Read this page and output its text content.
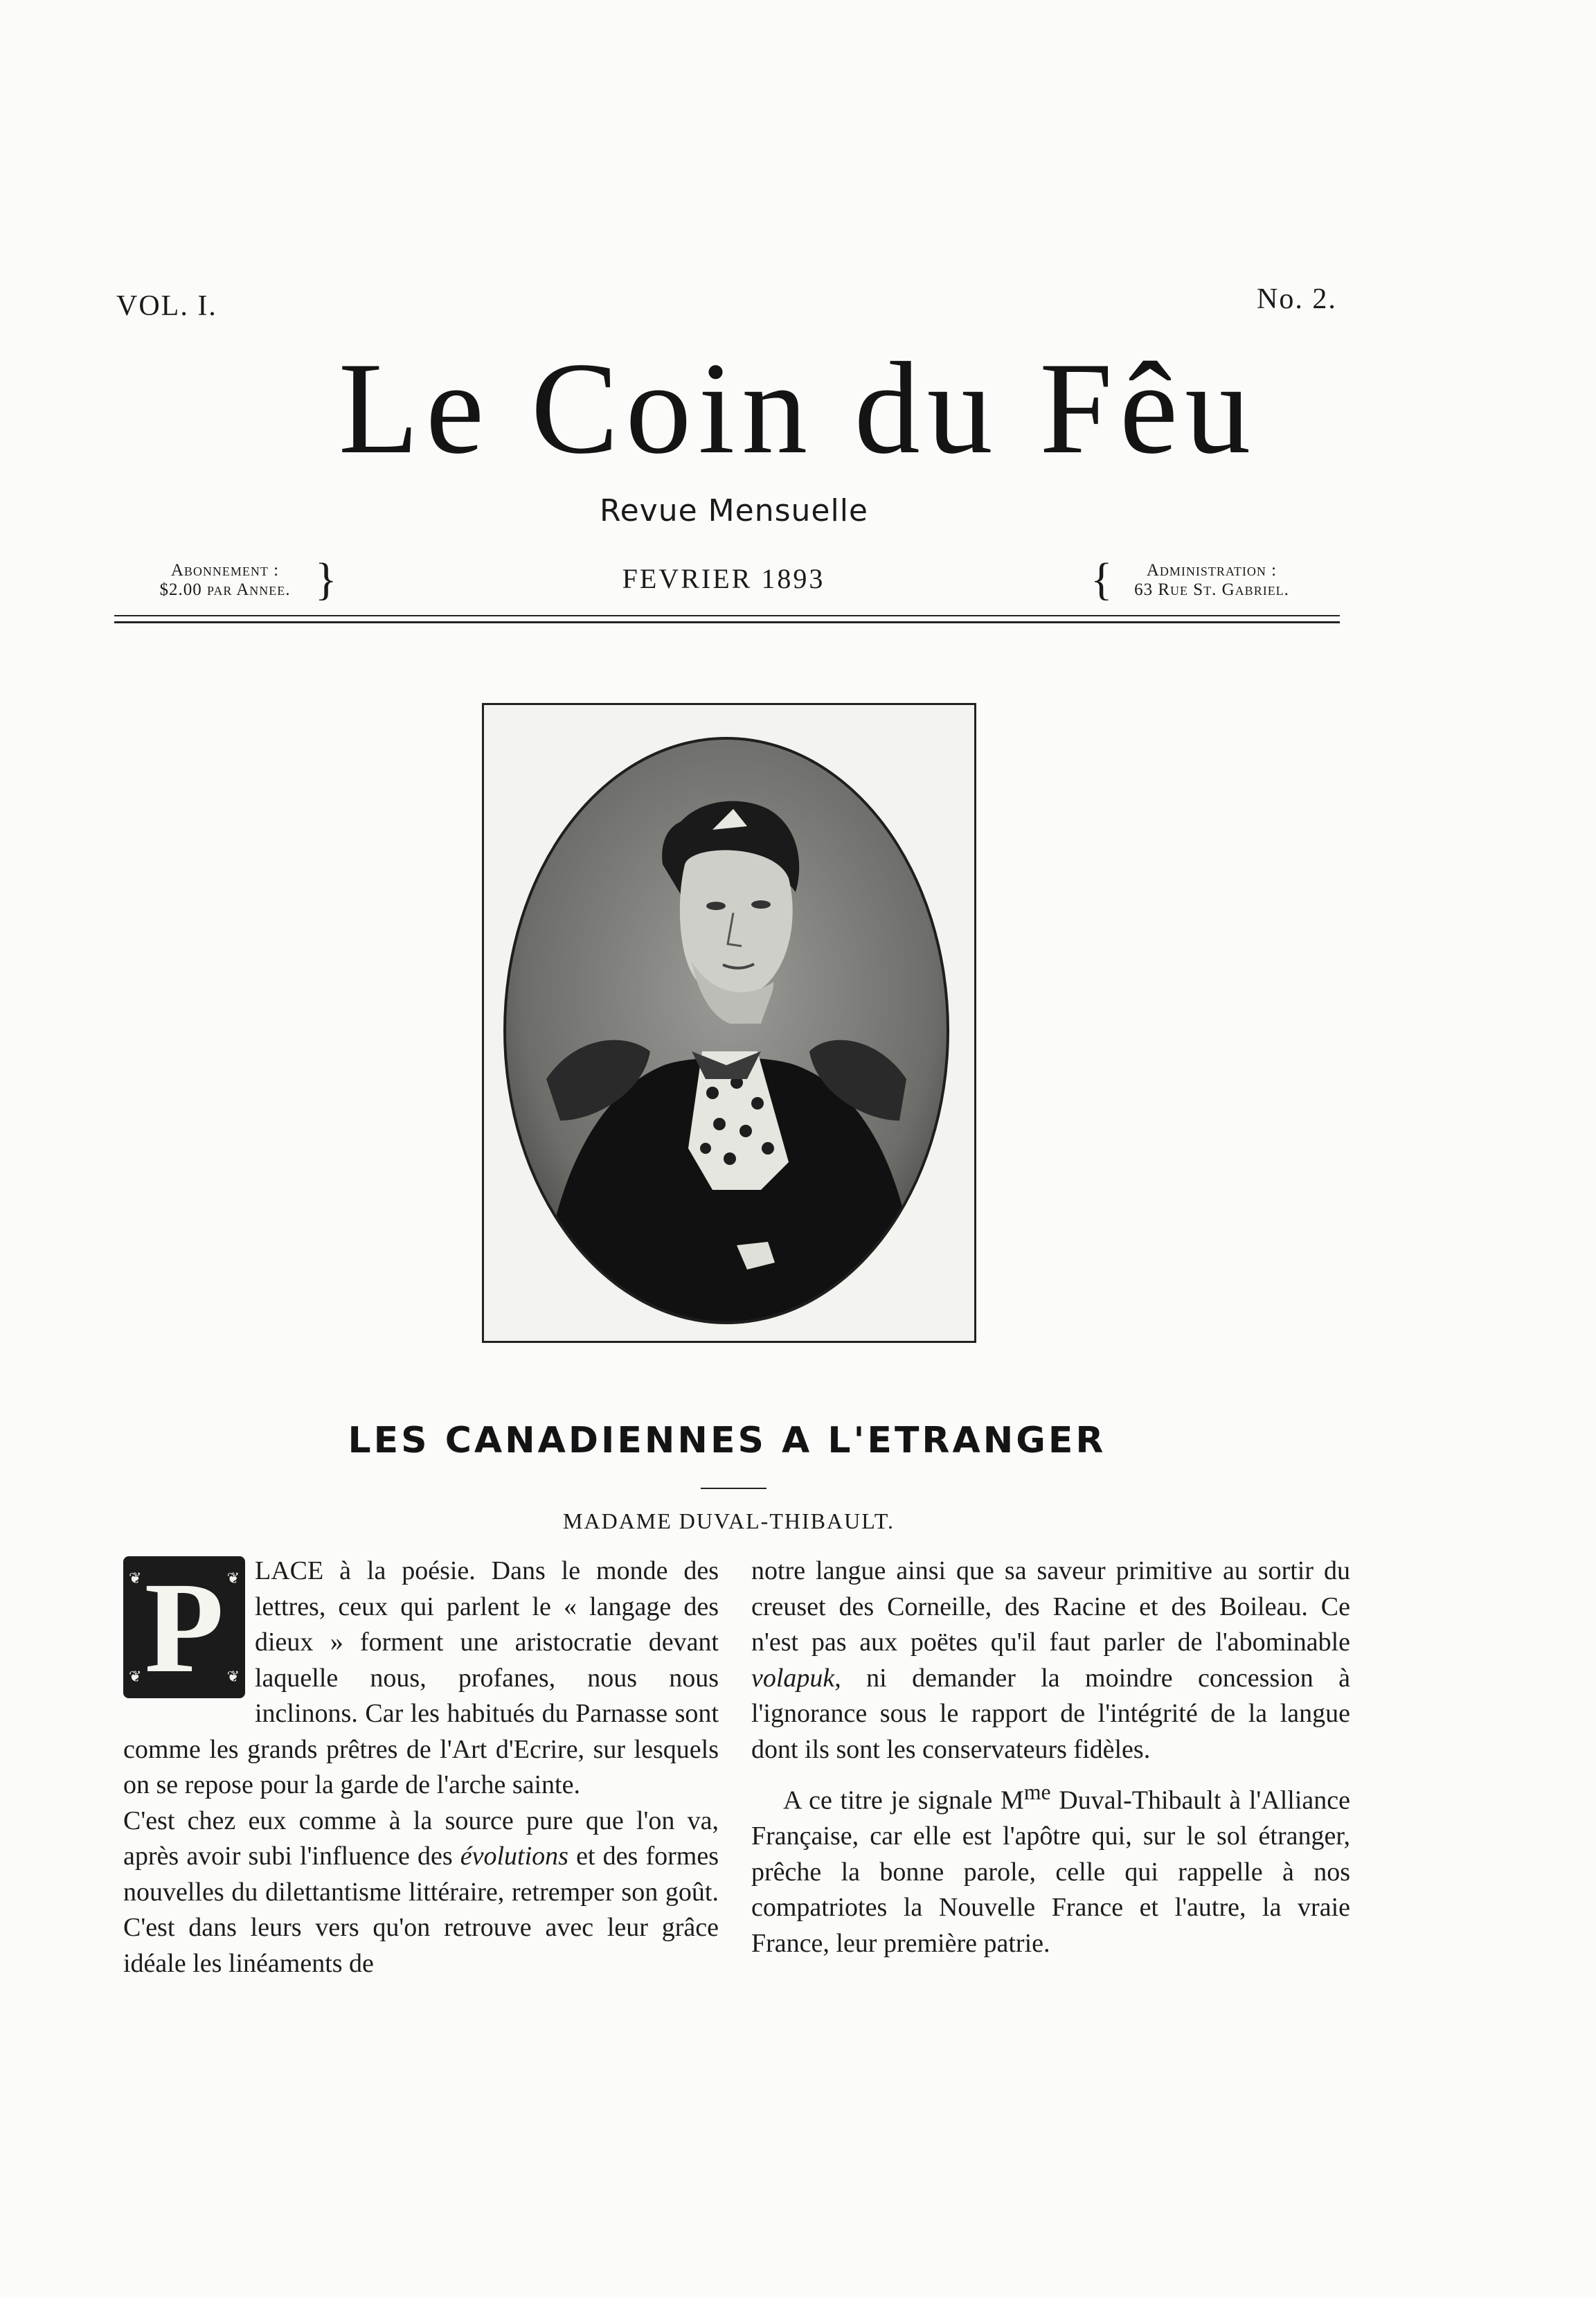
VOL. I.	No. 2.
Le Coin du Fêu
Revue Mensuelle
Abonnement :
$2.00 par Annee. }	FEVRIER 1893	{	Administration :
63 Rue St. Gabriel.
LES CANADIENNES A L'ETRANGER
MADAME DUVAL-THIBAULT.
❦	❦
❦	❦
P	LACE à la poésie. Dans le monde des lettres, ceux qui parlent le « langage des dieux » forment une aristocratie devant laquelle nous, profanes, nous nous inclinons. Car les habitués du Parnasse sont comme les grands prêtres de l'Art d'Ecrire, sur lesquels on se repose pour la garde de l'arche sainte.

C'est chez eux comme à la source pure que l'on va, après avoir subi l'influence des évolutions et des formes nouvelles du dilettantisme littéraire, retremper son goût. C'est dans leurs vers qu'on retrouve avec leur grâce idéale les linéaments de

notre langue ainsi que sa saveur primitive au sortir du creuset des Corneille, des Racine et des Boileau. Ce n'est pas aux poëtes qu'il faut parler de l'abominable volapuk, ni demander la moindre concession à l'ignorance sous le rapport de l'intégrité de la langue dont ils sont les conservateurs fidèles.

A ce titre je signale $M^{me}$ Duval-Thibault à l'Alliance Française, car elle est l'apôtre qui, sur le sol étranger, prêche la bonne parole, celle qui rappelle à nos compatriotes la Nouvelle France et l'autre, la vraie France, leur première patrie.
